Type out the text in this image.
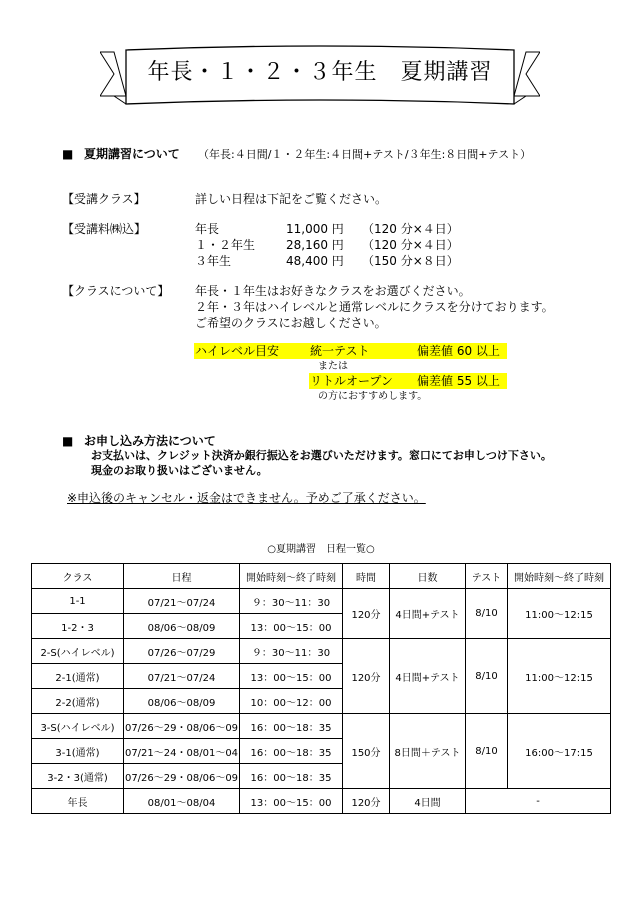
年長・１・２・３年生　夏期講習
■ 夏期講習について （年長:４日間/１・２年生:４日間+テスト/３年生:８日間+テスト）
【受講クラス】	詳しい日程は下記をご覧ください。
【受講料㈱込】	年長	11,000 円 （120 分×４日）
１・２年生	28,160 円 （120 分×４日）
３年生	48,400 円 （150 分×８日）
【クラスについて】 年長・１年生はお好きなクラスをお選びください。
２年・３年はハイレベルと通常レベルにクラスを分けております。
ご希望のクラスにお越しください。
ハイレベル目安	統一テスト	偏差値 60 以上
または
リトルオープン 偏差値 55 以上
の方におすすめします。
■ お申し込み方法について
お支払いは、クレジット決済か銀行振込をお選びいただけます。窓口にてお申しつけ下さい。
現金のお取り扱いはございません。
※申込後のキャンセル・返金はできません。予めご了承ください。
○夏期講習　日程一覧○
クラス	日程	開始時刻～終了時刻	時間	日数	テスト	開始時刻～終了時刻
1-1	07/21～07/24	９：30～11：30	120分	4日間+テスト	8/10	11:00～12:15
1-2・3	08/06～08/09	13：00～15：00				
2-S(ハイレベル)	07/26～07/29	９：30～11：30	120分	4日間+テスト	8/10	11:00～12:15
2-1(通常)	07/21～07/24	13：00～15：00				
2-2(通常)	08/06～08/09	10：00～12：00				
3-S(ハイレベル)	07/26～29・08/06～09	16：00～18：35	150分	8日間＋テスト	8/10	16:00～17:15
3-1(通常)	07/21～24・08/01～04	16：00～18：35				
3-2・3(通常)	07/26～29・08/06～09	16：00～18：35				
年長	08/01～08/04	13：00～15：00	120分	4日間	-	
